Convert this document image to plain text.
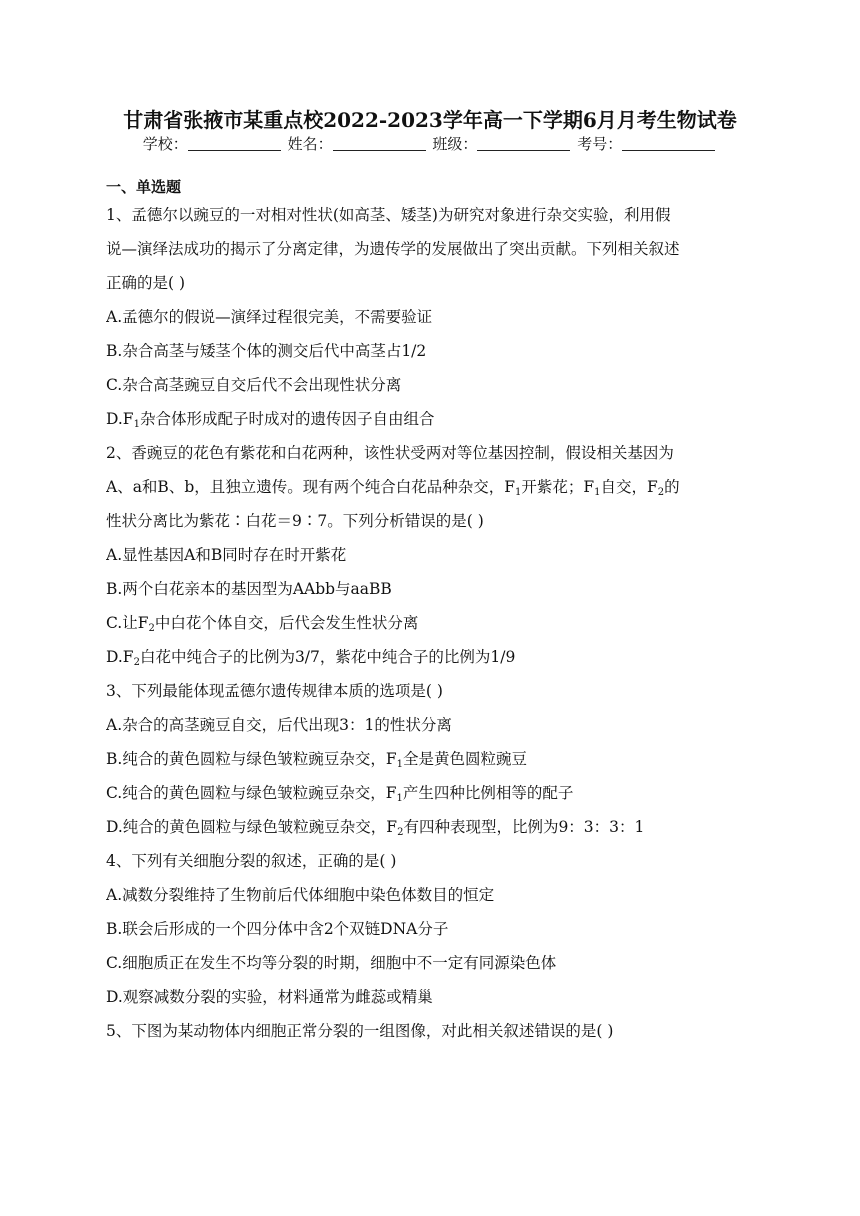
甘肃省张掖市某重点校2022-2023学年高一下学期6月月考生物试卷
学校：	姓名：	班级：	考号：
一、单选题
1、孟德尔以豌豆的一对相对性状(如高茎、矮茎)为研究对象进行杂交实验，利用假
说—演绎法成功的揭示了分离定律，为遗传学的发展做出了突出贡献。下列相关叙述
正确的是( )
A.孟德尔的假说—演绎过程很完美，不需要验证
B.杂合高茎与矮茎个体的测交后代中高茎占1/2
C.杂合高茎豌豆自交后代不会出现性状分离
$D.F_1$杂合体形成配子时成对的遗传因子自由组合
2、香豌豆的花色有紫花和白花两种，该性状受两对等位基因控制，假设相关基因为
A、a和B、b，且独立遗传。现有两个纯合白花品种杂交，$F_1$开紫花；$F_1$自交，$F_2$的
性状分离比为紫花∶白花＝9∶7。下列分析错误的是( )
A.显性基因A和B同时存在时开紫花
B.两个白花亲本的基因型为AAbb与aaBB
C.让$F_2$中白花个体自交，后代会发生性状分离
$D.F_2$白花中纯合子的比例为3/7，紫花中纯合子的比例为1/9
3、下列最能体现孟德尔遗传规律本质的选项是( )
A.杂合的高茎豌豆自交，后代出现3：1的性状分离
B.纯合的黄色圆粒与绿色皱粒豌豆杂交，$F_1$全是黄色圆粒豌豆
C.纯合的黄色圆粒与绿色皱粒豌豆杂交，$F_1$产生四种比例相等的配子
D.纯合的黄色圆粒与绿色皱粒豌豆杂交，$F_2$有四种表现型，比例为9：3：3：1
4、下列有关细胞分裂的叙述，正确的是( )
A.减数分裂维持了生物前后代体细胞中染色体数目的恒定
B.联会后形成的一个四分体中含2个双链DNA分子
C.细胞质正在发生不均等分裂的时期，细胞中不一定有同源染色体
D.观察减数分裂的实验，材料通常为雌蕊或精巢
5、下图为某动物体内细胞正常分裂的一组图像，对此相关叙述错误的是( )
